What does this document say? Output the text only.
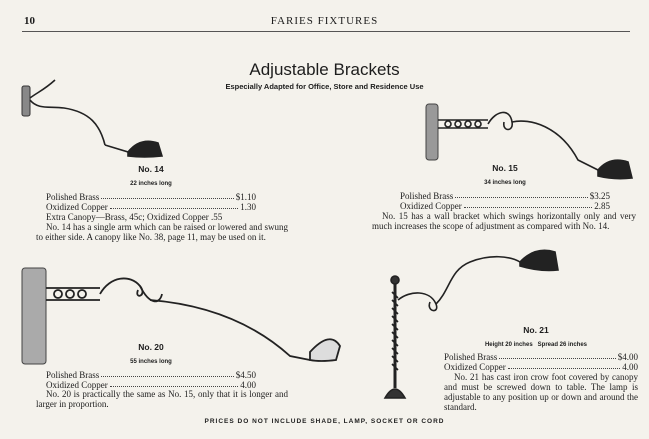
10	FARIES FIXTURES
Adjustable Brackets
Especially Adapted for Office, Store and Residence Use
No. 14
22 inches long
Polished Brass	$1.10
Oxidized Copper	1.30
Extra Canopy—Brass, 45c; Oxidized Copper .55
No. 14 has a single arm which can be raised or lowered and swung to either side. A canopy like No. 38, page 11, may be used on it.
No. 15
34 inches long
Polished Brass	$3.25
Oxidized Copper	2.85
No. 15 has a wall bracket which swings horizontally only and very much increases the scope of adjustment as compared with No. 14.
No. 20
55 inches long
Polished Brass	$4.50
Oxidized Copper	4.00
No. 20 is practically the same as No. 15, only that it is longer and larger in proportion.
No. 21
Height 20 inches   Spread 26 inches
Polished Brass	$4.00
Oxidized Copper	4.00
No. 21 has cast iron crow foot covered by canopy and must be screwed down to table. The lamp is adjustable to any position up or down and around the standard.
PRICES DO NOT INCLUDE SHADE, LAMP, SOCKET OR CORD
